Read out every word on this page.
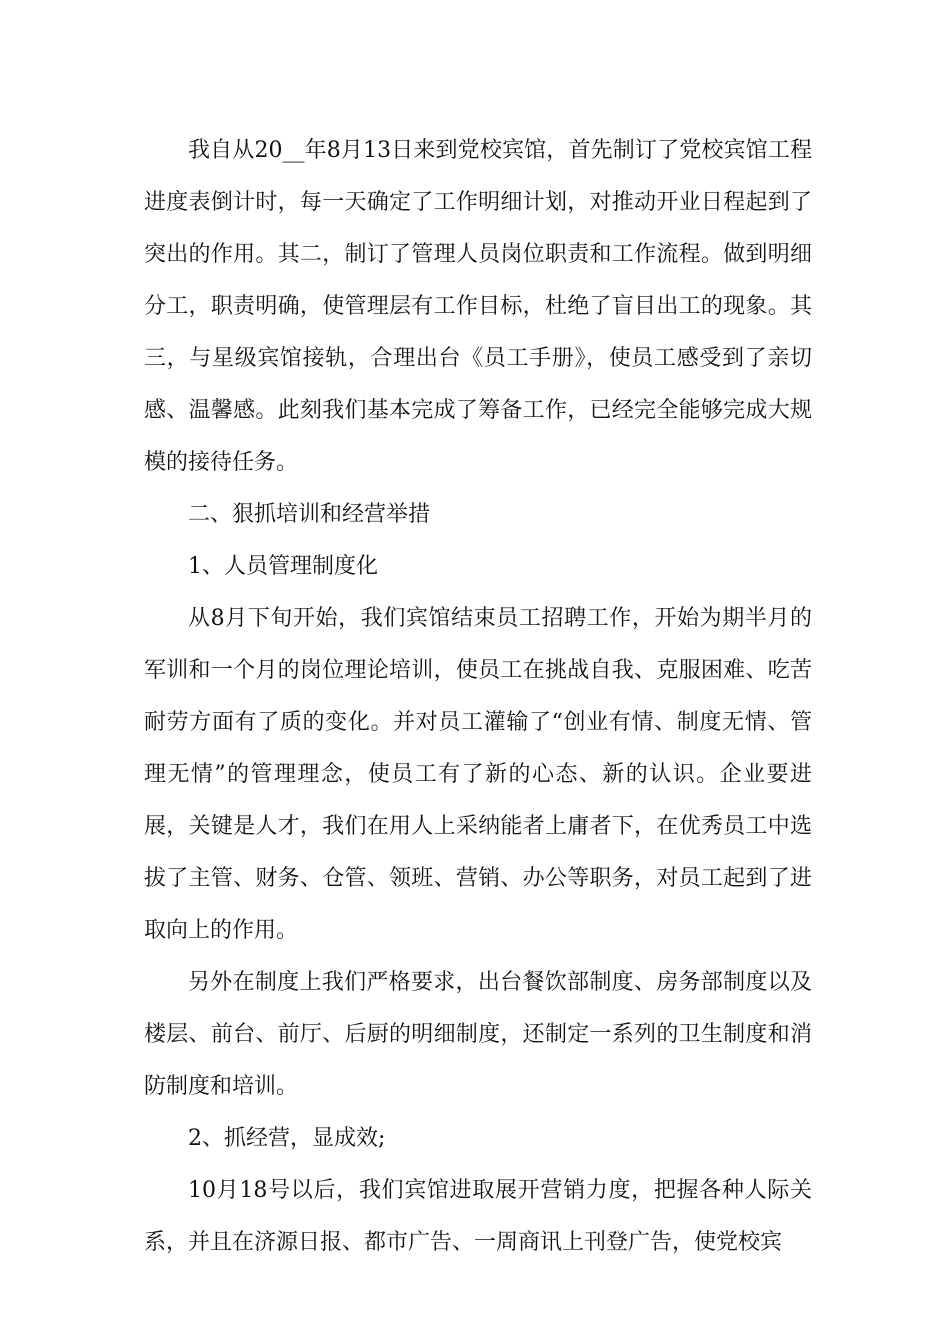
我自从20__年8月13日来到党校宾馆，首先制订了党校宾馆工程进度表倒计时，每一天确定了工作明细计划，对推动开业日程起到了突出的作用。其二，制订了管理人员岗位职责和工作流程。做到明细分工，职责明确，使管理层有工作目标，杜绝了盲目出工的现象。其三，与星级宾馆接轨，合理出台《员工手册》，使员工感受到了亲切感、温馨感。此刻我们基本完成了筹备工作，已经完全能够完成大规模的接待任务。

二、狠抓培训和经营举措

1、人员管理制度化

从8月下旬开始，我们宾馆结束员工招聘工作，开始为期半月的军训和一个月的岗位理论培训，使员工在挑战自我、克服困难、吃苦耐劳方面有了质的变化。并对员工灌输了“创业有情、制度无情、管理无情”的管理理念，使员工有了新的心态、新的认识。企业要进展，关键是人才，我们在用人上采纳能者上庸者下，在优秀员工中选拔了主管、财务、仓管、领班、营销、办公等职务，对员工起到了进取向上的作用。

另外在制度上我们严格要求，出台餐饮部制度、房务部制度以及楼层、前台、前厅、后厨的明细制度，还制定一系列的卫生制度和消防制度和培训。

2、抓经营，显成效;

10月18号以后，我们宾馆进取展开营销力度，把握各种人际关系，并且在济源日报、都市广告、一周商讯上刊登广告，使党校宾
